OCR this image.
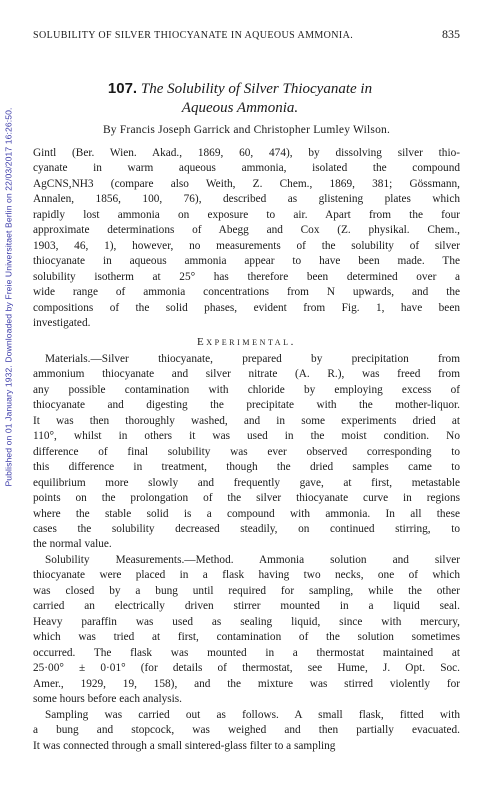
Published on 01 January 1932. Downloaded by Freie Universitaet Berlin on 22/03/2017 16:26:50.
SOLUBILITY OF SILVER THIOCYANATE IN AQUEOUS AMMONIA.	835
107. The Solubility of Silver Thiocyanate in
Aqueous Ammonia.
By Francis Joseph Garrick and Christopher Lumley Wilson.
Gintl (Ber. Wien. Akad., 1869, 60, 474), by dissolving silver thio-
cyanate in warm aqueous ammonia, isolated the compound
AgCNS,NH3 (compare also Weith, Z. Chem., 1869, 381; Gössmann,
Annalen, 1856, 100, 76), described as glistening plates which
rapidly lost ammonia on exposure to air. Apart from the four
approximate determinations of Abegg and Cox (Z. physikal. Chem.,
1903, 46, 1), however, no measurements of the solubility of silver
thiocyanate in aqueous ammonia appear to have been made. The
solubility isotherm at 25° has therefore been determined over a
wide range of ammonia concentrations from N upwards, and the
compositions of the solid phases, evident from Fig. 1, have been
investigated.
Experimental.
Materials.—Silver thiocyanate, prepared by precipitation from
ammonium thiocyanate and silver nitrate (A. R.), was freed from
any possible contamination with chloride by employing excess of
thiocyanate and digesting the precipitate with the mother-liquor.
It was then thoroughly washed, and in some experiments dried at
110°, whilst in others it was used in the moist condition. No
difference of final solubility was ever observed corresponding to
this difference in treatment, though the dried samples came to
equilibrium more slowly and frequently gave, at first, metastable
points on the prolongation of the silver thiocyanate curve in regions
where the stable solid is a compound with ammonia. In all these
cases the solubility decreased steadily, on continued stirring, to
the normal value.
Solubility Measurements.—Method. Ammonia solution and silver
thiocyanate were placed in a flask having two necks, one of which
was closed by a bung until required for sampling, while the other
carried an electrically driven stirrer mounted in a liquid seal.
Heavy paraffin was used as sealing liquid, since with mercury,
which was tried at first, contamination of the solution sometimes
occurred. The flask was mounted in a thermostat maintained at
25·00° ± 0·01° (for details of thermostat, see Hume, J. Opt. Soc.
Amer., 1929, 19, 158), and the mixture was stirred violently for
some hours before each analysis.
Sampling was carried out as follows. A small flask, fitted with
a bung and stopcock, was weighed and then partially evacuated.
It was connected through a small sintered-glass filter to a sampling
